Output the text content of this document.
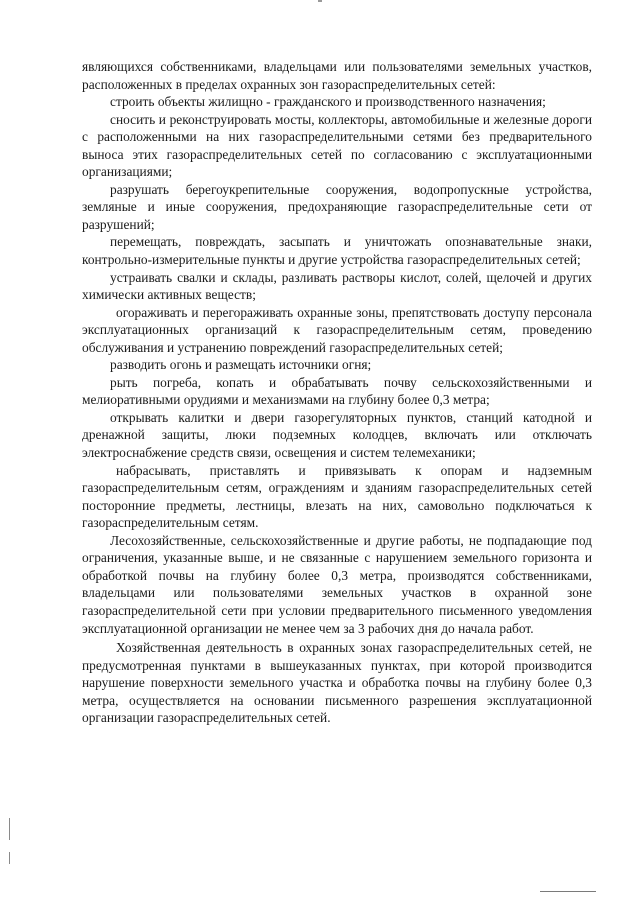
являющихся собственниками, владельцами или пользователями земельных участков, расположенных в пределах охранных зон газораспределительных сетей:

строить объекты жилищно - гражданского и производственного назначения;

сносить и реконструировать мосты, коллекторы, автомобильные и железные дороги с расположенными на них газораспределительными сетями без предварительного выноса этих газораспределительных сетей по согласованию с эксплуатационными организациями;

разрушать берегоукрепительные сооружения, водопропускные устройства, земляные и иные сооружения, предохраняющие газораспределительные сети от разрушений;

перемещать, повреждать, засыпать и уничтожать опознавательные знаки, контрольно-измерительные пункты и другие устройства газораспределительных сетей;

устраивать свалки и склады, разливать растворы кислот, солей, щелочей и других химически активных веществ;

огораживать и перегораживать охранные зоны, препятствовать доступу персонала эксплуатационных организаций к газораспределительным сетям, проведению обслуживания и устранению повреждений газораспределительных сетей;

разводить огонь и размещать источники огня;

рыть погреба, копать и обрабатывать почву сельскохозяйственными и мелиоративными орудиями и механизмами на глубину более 0,3 метра;

открывать калитки и двери газорегуляторных пунктов, станций катодной и дренажной защиты, люки подземных колодцев, включать или отключать электроснабжение средств связи, освещения и систем телемеханики;

набрасывать, приставлять и привязывать к опорам и надземным газораспределительным сетям, ограждениям и зданиям газораспределительных сетей посторонние предметы, лестницы, влезать на них, самовольно подключаться к газораспределительным сетям.

Лесохозяйственные, сельскохозяйственные и другие работы, не подпадающие под ограничения, указанные выше, и не связанные с нарушением земельного горизонта и обработкой почвы на глубину более 0,3 метра, производятся собственниками, владельцами или пользователями земельных участков в охранной зоне газораспределительной сети при условии предварительного письменного уведомления эксплуатационной организации не менее чем за 3 рабочих дня до начала работ.

Хозяйственная деятельность в охранных зонах газораспределительных сетей, не предусмотренная пунктами в вышеуказанных пунктах, при которой производится нарушение поверхности земельного участка и обработка почвы на глубину более 0,3 метра, осуществляется на основании письменного разрешения эксплуатационной организации газораспределительных сетей.
